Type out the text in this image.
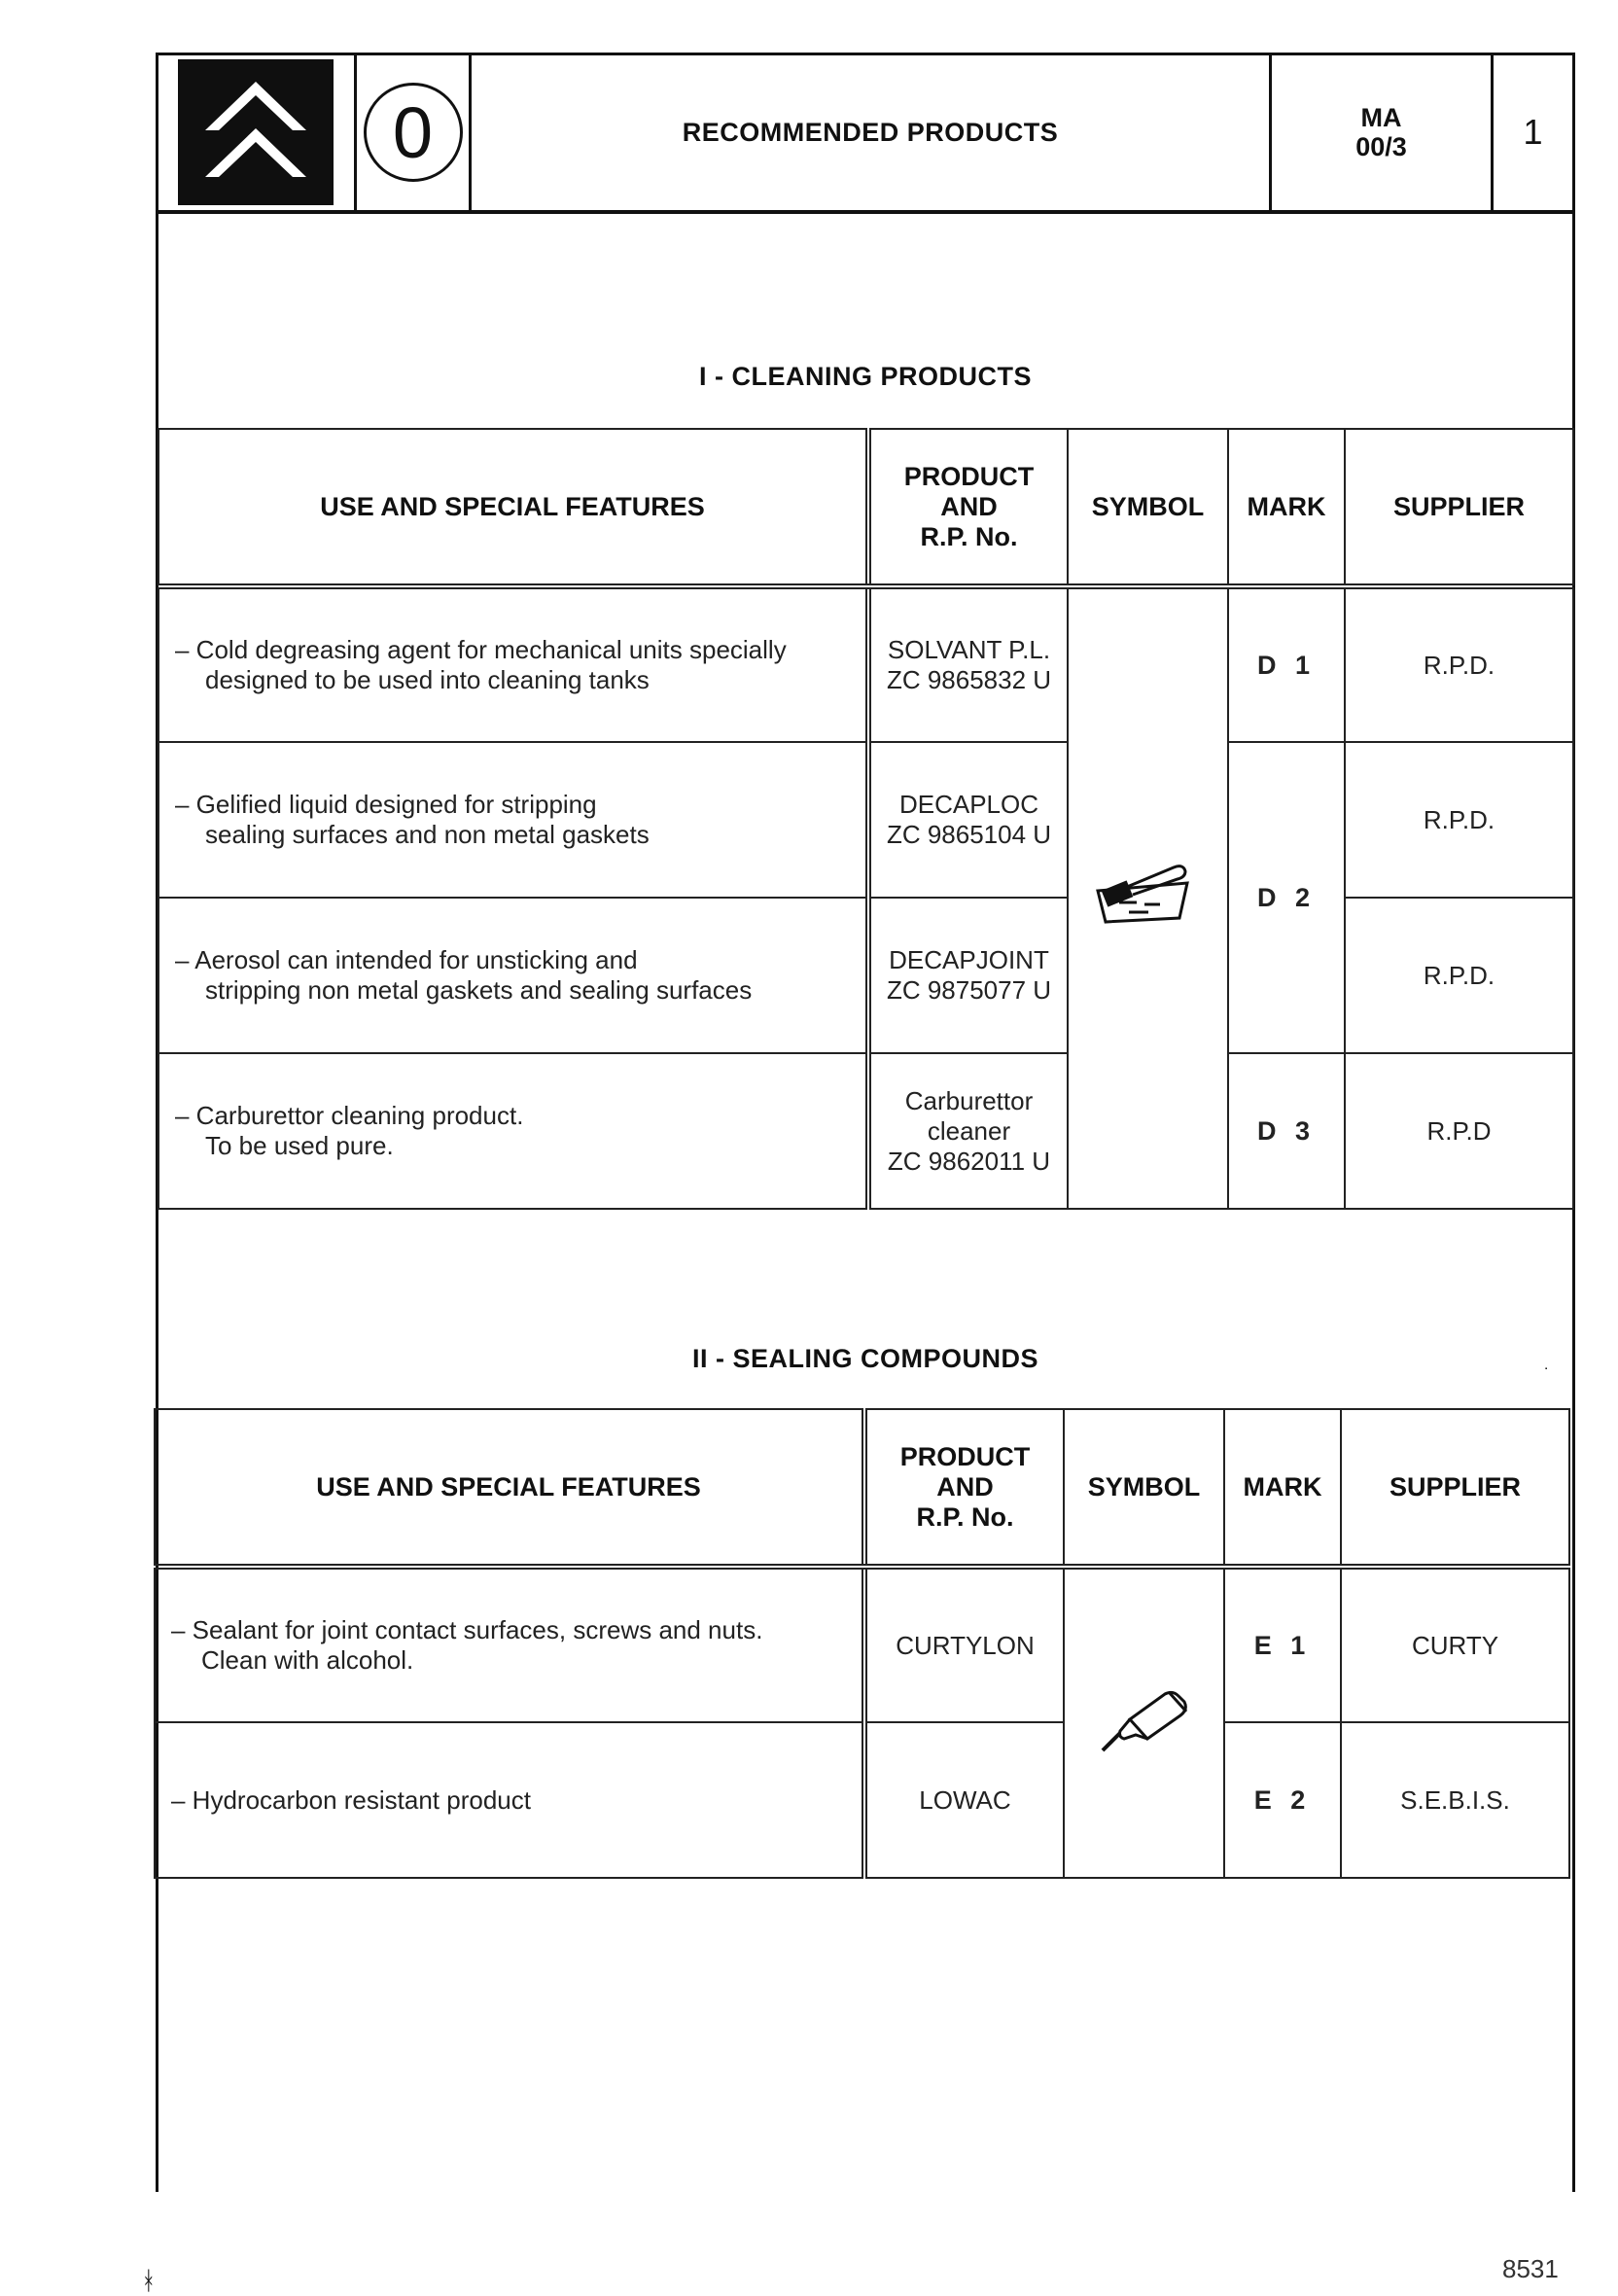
0	RECOMMENDED PRODUCTS	MA
00/3	1
I - CLEANING PRODUCTS
USE AND SPECIAL FEATURES	PRODUCT
AND
R.P. No.	SYMBOL	MARK	SUPPLIER

– Cold degreasing agent for mechanical units specially
designed to be used into cleaning tanks	SOLVANT P.L.
ZC 9865832 U		D 1	R.P.D.

– Gelified liquid designed for stripping
sealing surfaces and non metal gaskets	DECAPLOC
ZC 9865104 U		D 2	R.P.D.

– Aerosol can intended for unsticking and
stripping non metal gaskets and sealing surfaces	DECAPJOINT
ZC 9875077 U			R.P.D.

– Carburettor cleaning product.
To be used pure.	Carburettor
cleaner
ZC 9862011 U		D 3	R.P.D
II - SEALING COMPOUNDS
˙
USE AND SPECIAL FEATURES	PRODUCT
AND
R.P. No.	SYMBOL	MARK	SUPPLIER

– Sealant for joint contact surfaces, screws and nuts.
Clean with alcohol.	CURTYLON		E 1	CURTY

– Hydrocarbon resistant product	LOWAC		E 2	S.E.B.I.S.
ᚼ	8531
